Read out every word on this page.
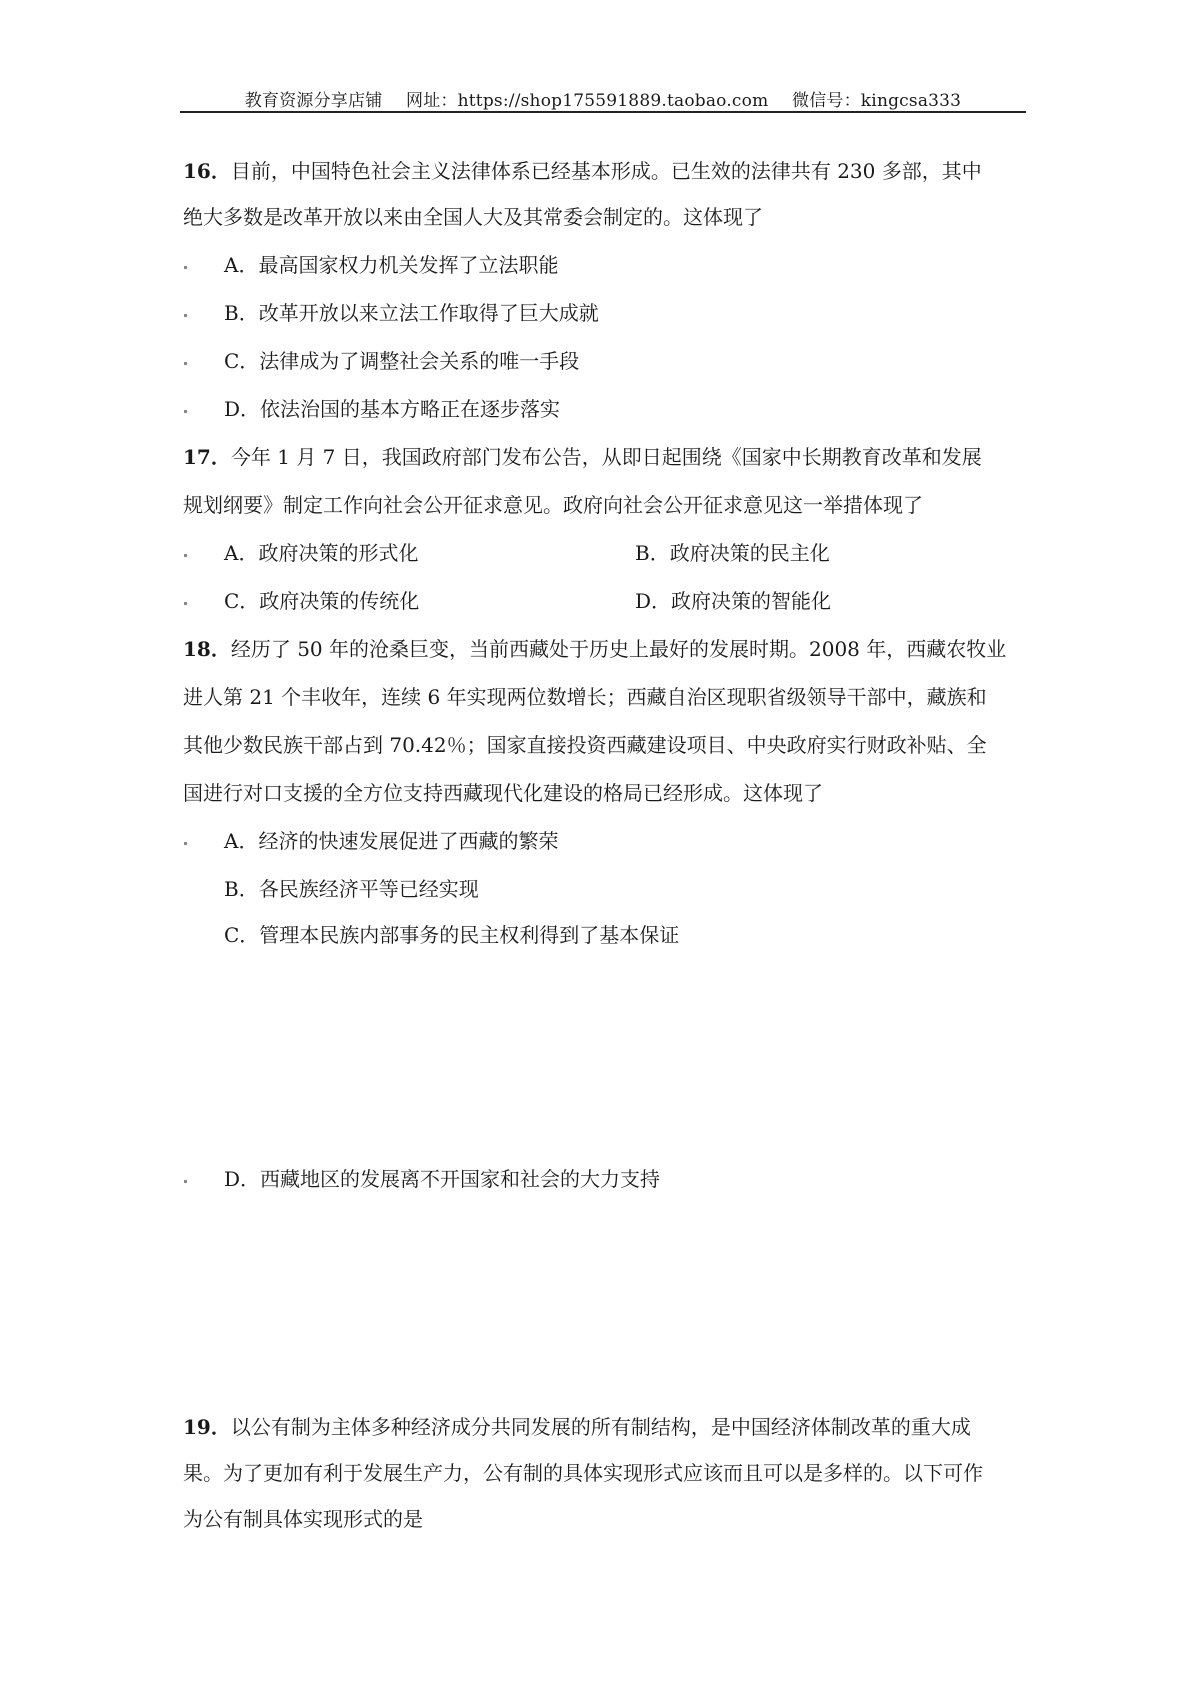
教育资源分享店铺 网址：https://shop175591889.taobao.com 微信号：kingcsa333
16．目前，中国特色社会主义法律体系已经基本形成。已生效的法律共有 230 多部，其中
绝大多数是改革开放以来由全国人大及其常委会制定的。这体现了
A．最高国家权力机关发挥了立法职能
B．改革开放以来立法工作取得了巨大成就
C．法律成为了调整社会关系的唯一手段
D．依法治国的基本方略正在逐步落实
17．今年 1 月 7 日，我国政府部门发布公告，从即日起围绕《国家中长期教育改革和发展
规划纲要》制定工作向社会公开征求意见。政府向社会公开征求意见这一举措体现了
A．政府决策的形式化	B．政府决策的民主化
C．政府决策的传统化	D．政府决策的智能化
18．经历了 50 年的沧桑巨变，当前西藏处于历史上最好的发展时期。2008 年，西藏农牧业
进人第 21 个丰收年，连续 6 年实现两位数增长；西藏自治区现职省级领导干部中，藏族和
其他少数民族干部占到 70.42％；国家直接投资西藏建设项目、中央政府实行财政补贴、全
国进行对口支援的全方位支持西藏现代化建设的格局已经形成。这体现了
A．经济的快速发展促进了西藏的繁荣
B．各民族经济平等已经实现
C．管理本民族内部事务的民主权利得到了基本保证
D．西藏地区的发展离不开国家和社会的大力支持
19．以公有制为主体多种经济成分共同发展的所有制结构，是中国经济体制改革的重大成
果。为了更加有利于发展生产力，公有制的具体实现形式应该而且可以是多样的。以下可作
为公有制具体实现形式的是
